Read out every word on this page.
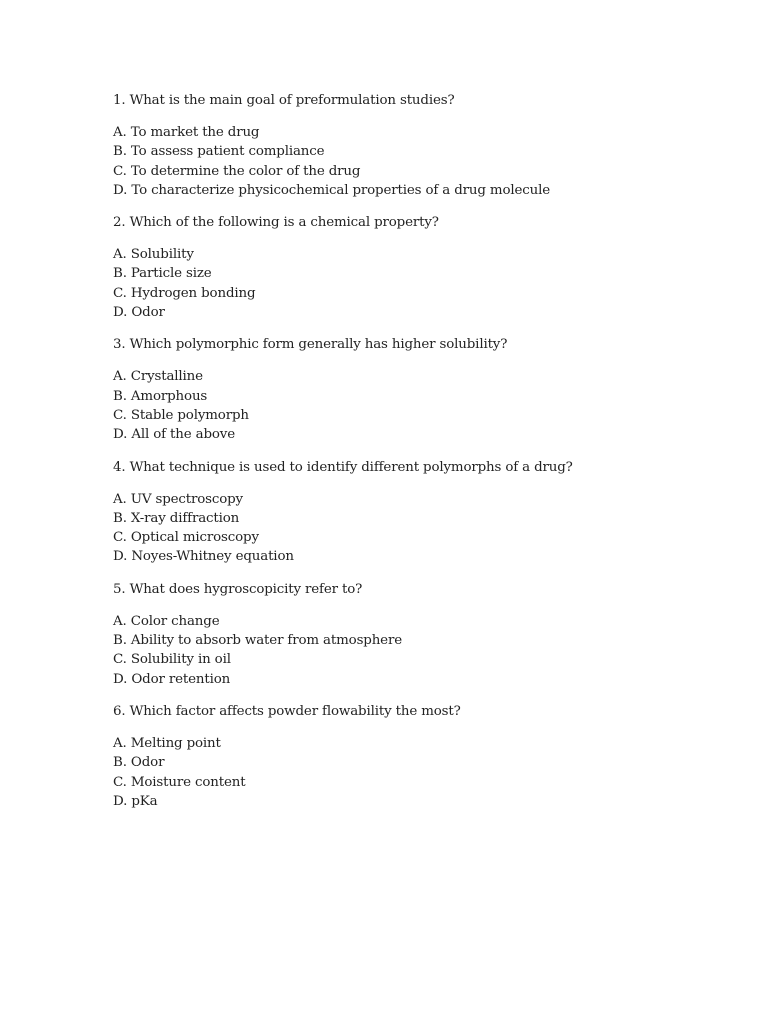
1. What is the main goal of preformulation studies?
A. To market the drug
B. To assess patient compliance
C. To determine the color of the drug
D. To characterize physicochemical properties of a drug molecule
2. Which of the following is a chemical property?
A. Solubility
B. Particle size
C. Hydrogen bonding
D. Odor
3. Which polymorphic form generally has higher solubility?
A. Crystalline
B. Amorphous
C. Stable polymorph
D. All of the above
4. What technique is used to identify different polymorphs of a drug?
A. UV spectroscopy
B. X-ray diffraction
C. Optical microscopy
D. Noyes-Whitney equation
5. What does hygroscopicity refer to?
A. Color change
B. Ability to absorb water from atmosphere
C. Solubility in oil
D. Odor retention
6. Which factor affects powder flowability the most?
A. Melting point
B. Odor
C. Moisture content
D. pKa
